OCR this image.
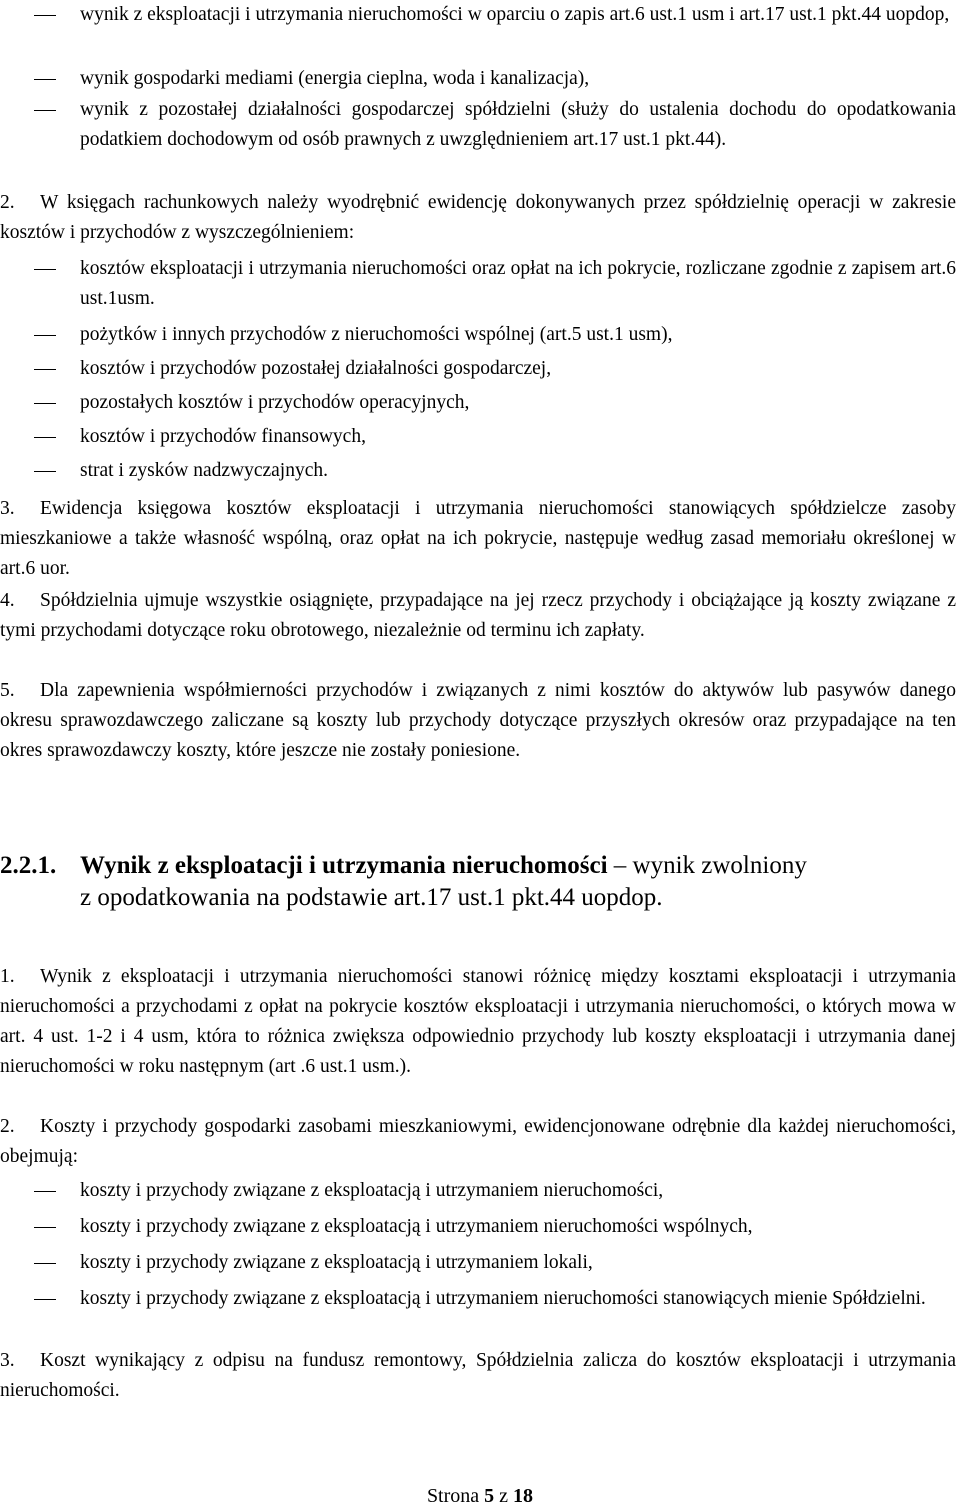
wynik z eksploatacji i utrzymania nieruchomości w oparciu o zapis art.6 ust.1 usm i art.17 ust.1 pkt.44 uopdop,
wynik gospodarki mediami (energia cieplna, woda i kanalizacja),
wynik z pozostałej działalności gospodarczej spółdzielni (służy do ustalenia dochodu do opodatkowania podatkiem dochodowym od osób prawnych z uwzględnieniem art.17 ust.1 pkt.44).
2.	W księgach rachunkowych należy wyodrębnić ewidencję dokonywanych przez spółdzielnię operacji w zakresie kosztów i przychodów z wyszczególnieniem:
kosztów eksploatacji i utrzymania nieruchomości oraz opłat na ich pokrycie, rozliczane zgodnie z zapisem art.6 ust.1usm.
pożytków i innych przychodów z nieruchomości wspólnej (art.5 ust.1 usm),
kosztów i przychodów pozostałej działalności gospodarczej,
pozostałych kosztów i przychodów operacyjnych,
kosztów i przychodów finansowych,
strat i zysków nadzwyczajnych.
3.	Ewidencja księgowa kosztów eksploatacji i utrzymania nieruchomości stanowiących spółdzielcze zasoby mieszkaniowe a także własność wspólną, oraz opłat na ich pokrycie, następuje według zasad memoriału określonej w art.6 uor.
4.	Spółdzielnia ujmuje wszystkie osiągnięte, przypadające na jej rzecz przychody i obciążające ją koszty związane z tymi przychodami dotyczące roku obrotowego, niezależnie od terminu ich zapłaty.
5.	Dla zapewnienia współmierności przychodów i związanych z nimi kosztów do aktywów lub pasywów danego okresu sprawozdawczego zaliczane są koszty lub przychody dotyczące przyszłych okresów oraz przypadające na ten okres sprawozdawczy koszty, które jeszcze nie zostały poniesione.
2.2.1. Wynik z eksploatacji i utrzymania nieruchomości – wynik zwolniony
z opodatkowania na podstawie art.17 ust.1 pkt.44 uopdop.
1.	Wynik z eksploatacji i utrzymania nieruchomości stanowi różnicę między kosztami eksploatacji i utrzymania nieruchomości a przychodami z opłat na pokrycie kosztów eksploatacji i utrzymania nieruchomości, o których mowa w art. 4 ust. 1-2 i 4 usm, która to różnica zwiększa odpowiednio przychody lub koszty eksploatacji i utrzymania danej nieruchomości w roku następnym (art .6 ust.1 usm.).
2.	Koszty i przychody gospodarki zasobami mieszkaniowymi, ewidencjonowane odrębnie dla każdej nieruchomości, obejmują:
koszty i przychody związane z eksploatacją i utrzymaniem nieruchomości,
koszty i przychody związane z eksploatacją i utrzymaniem nieruchomości wspólnych,
koszty i przychody związane z eksploatacją i utrzymaniem lokali,
koszty i przychody związane z eksploatacją i utrzymaniem nieruchomości stanowiących mienie Spółdzielni.
3.	Koszt wynikający z odpisu na fundusz remontowy, Spółdzielnia zalicza do kosztów eksploatacji i utrzymania nieruchomości.
Strona 5 z 18
